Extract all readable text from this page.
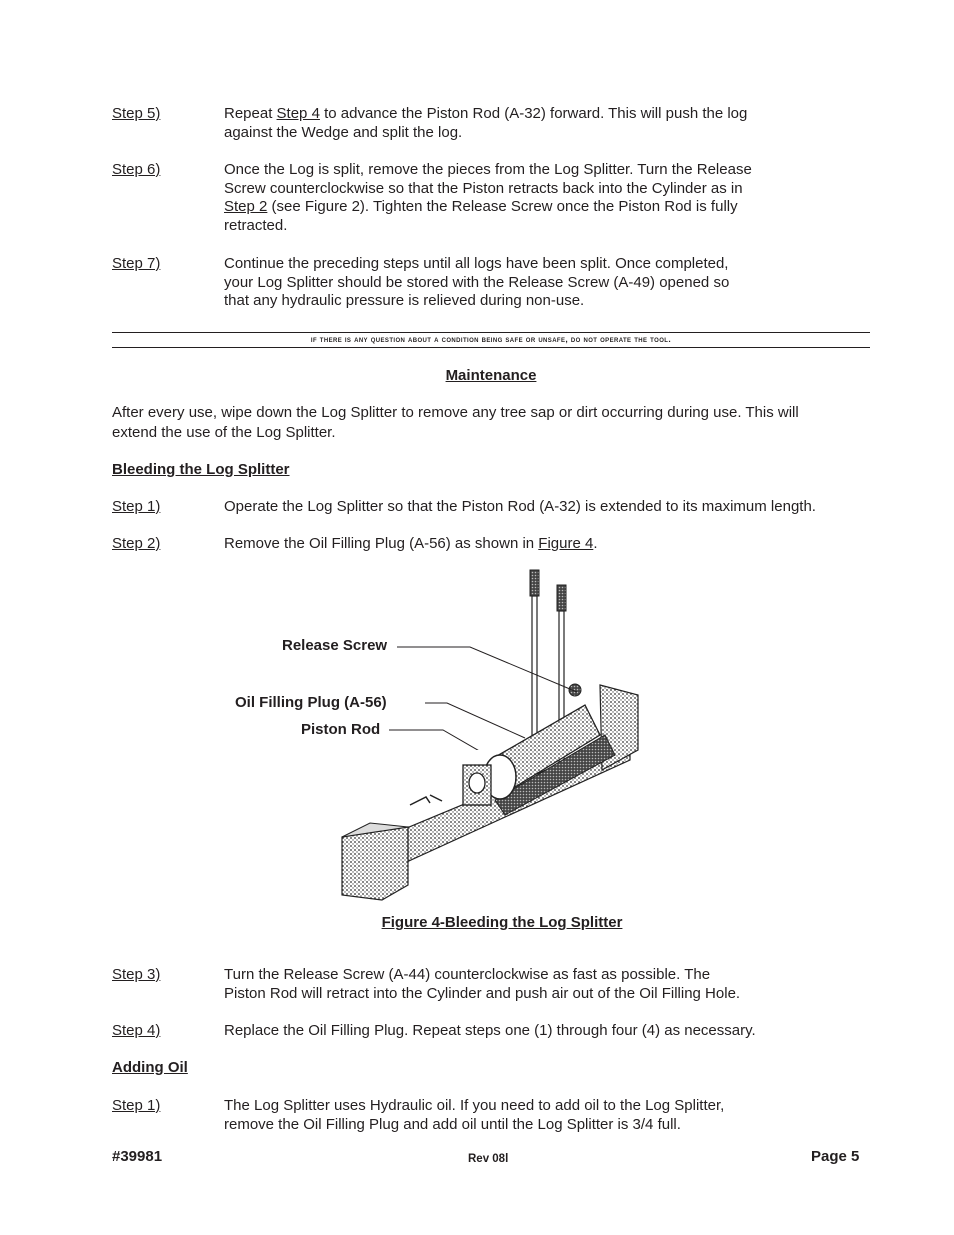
Step 5)	Repeat Step 4 to advance the Piston Rod (A-32) forward. This will push the log
against the Wedge and split the log.
Step 6)	Once the Log is split, remove the pieces from the Log Splitter. Turn the Release
Screw counterclockwise so that the Piston retracts back into the Cylinder as in
Step 2 (see Figure 2). Tighten the Release Screw once the Piston Rod is fully
retracted.
Step 7)	Continue the preceding steps until all logs have been split. Once completed,
your Log Splitter should be stored with the Release Screw (A-49) opened so
that any hydraulic pressure is relieved during non-use.
if there is any question about a condition being safe or unsafe, do not operate the tool.
Maintenance
After every use, wipe down the Log Splitter to remove any tree sap or dirt occurring during use. This will
extend the use of the Log Splitter.
Bleeding the Log Splitter
Step 1)	Operate the Log Splitter so that the Piston Rod (A-32) is extended to its maximum length.
Step 2)	Remove the Oil Filling Plug (A-56) as shown in Figure 4.
Release Screw
Oil Filling Plug (A-56)
Piston Rod
Figure 4-Bleeding the Log Splitter
Step 3)	Turn the Release Screw (A-44) counterclockwise as fast as possible. The
Piston Rod will retract into the Cylinder and push air out of the Oil Filling Hole.
Step 4)	Replace the Oil Filling Plug. Repeat steps one (1) through four (4) as necessary.
Adding Oil
Step 1)	The Log Splitter uses Hydraulic oil. If you need to add oil to the Log Splitter,
remove the Oil Filling Plug and add oil until the Log Splitter is 3/4 full.
#39981	Rev 08l	Page 5
